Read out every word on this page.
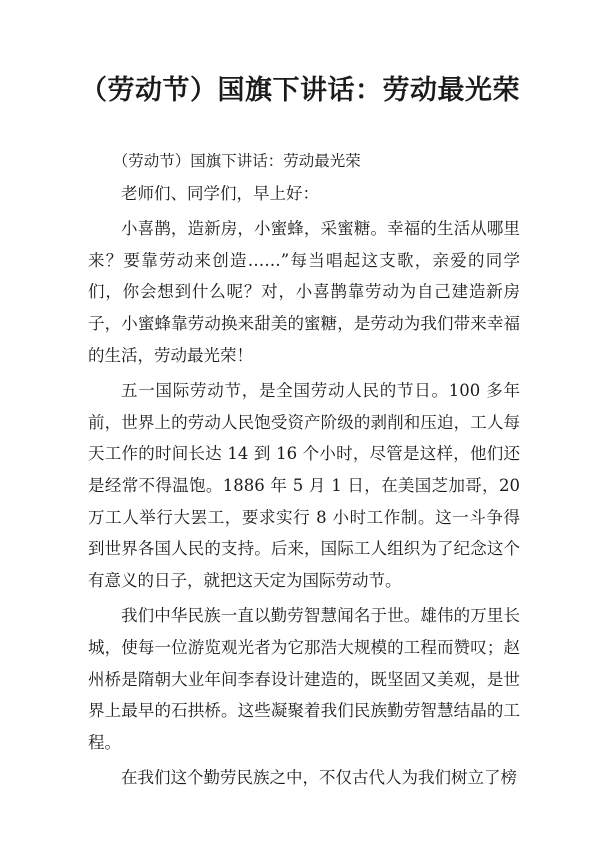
（劳动节）国旗下讲话：劳动最光荣

（劳动节）国旗下讲话：劳动最光荣

老师们、同学们，早上好：

小喜鹊，造新房，小蜜蜂，采蜜糖。幸福的生活从哪里来？要靠劳动来创造……”每当唱起这支歌，亲爱的同学们，你会想到什么呢？对，小喜鹊靠劳动为自己建造新房子，小蜜蜂靠劳动换来甜美的蜜糖，是劳动为我们带来幸福的生活，劳动最光荣！

五一国际劳动节，是全国劳动人民的节日。100 多年前，世界上的劳动人民饱受资产阶级的剥削和压迫，工人每天工作的时间长达 14 到 16 个小时，尽管是这样，他们还是经常不得温饱。1886 年 5 月 1 日，在美国芝加哥，20 万工人举行大罢工，要求实行 8 小时工作制。这一斗争得到世界各国人民的支持。后来，国际工人组织为了纪念这个有意义的日子，就把这天定为国际劳动节。

我们中华民族一直以勤劳智慧闻名于世。雄伟的万里长城，使每一位游览观光者为它那浩大规模的工程而赞叹；赵州桥是隋朝大业年间李春设计建造的，既坚固又美观，是世界上最早的石拱桥。这些凝聚着我们民族勤劳智慧结晶的工程。

在我们这个勤劳民族之中，不仅古代人为我们树立了榜
